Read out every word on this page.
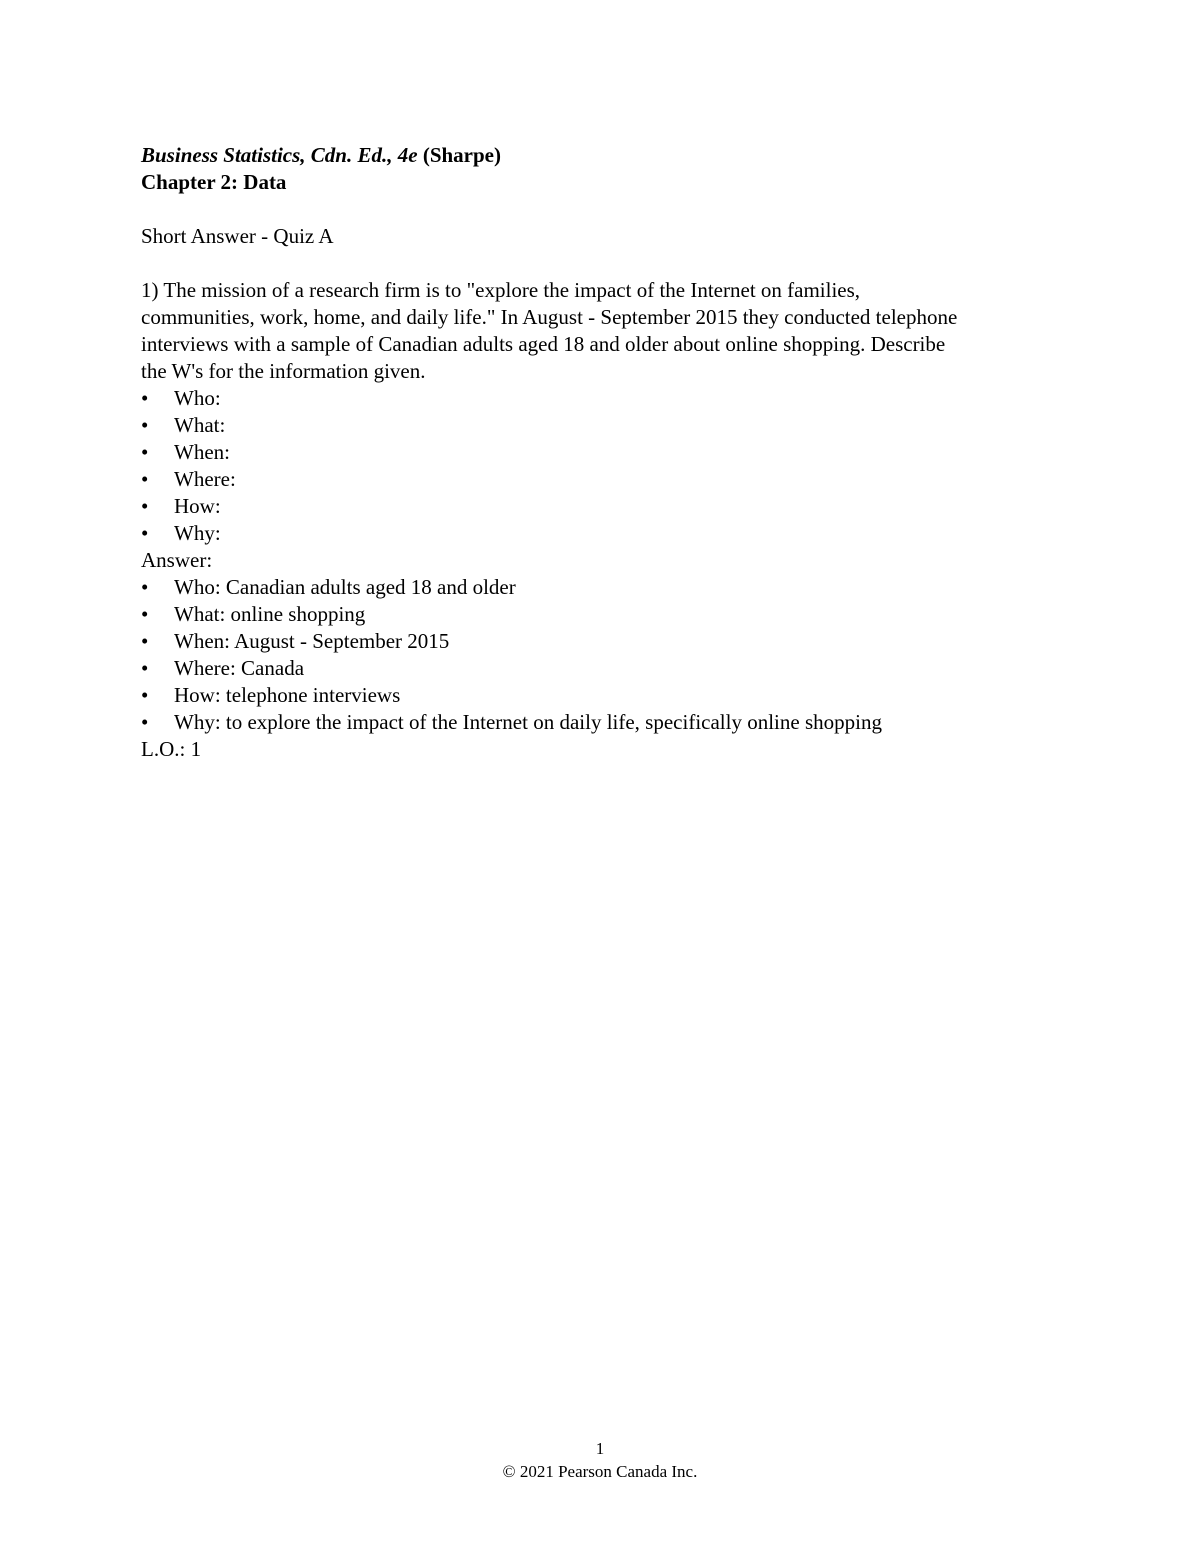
Business Statistics, Cdn. Ed., 4e (Sharpe)
Chapter 2: Data
Short Answer - Quiz A
1) The mission of a research firm is to "explore the impact of the Internet on families,
communities, work, home, and daily life." In August - September 2015 they conducted telephone
interviews with a sample of Canadian adults aged 18 and older about online shopping. Describe
the W's for the information given.
•	Who:
•	What:
•	When:
•	Where:
•	How:
•	Why:
Answer:
•	Who: Canadian adults aged 18 and older
•	What: online shopping
•	When: August - September 2015
•	Where: Canada
•	How: telephone interviews
•	Why: to explore the impact of the Internet on daily life, specifically online shopping
L.O.: 1
1
© 2021 Pearson Canada Inc.
